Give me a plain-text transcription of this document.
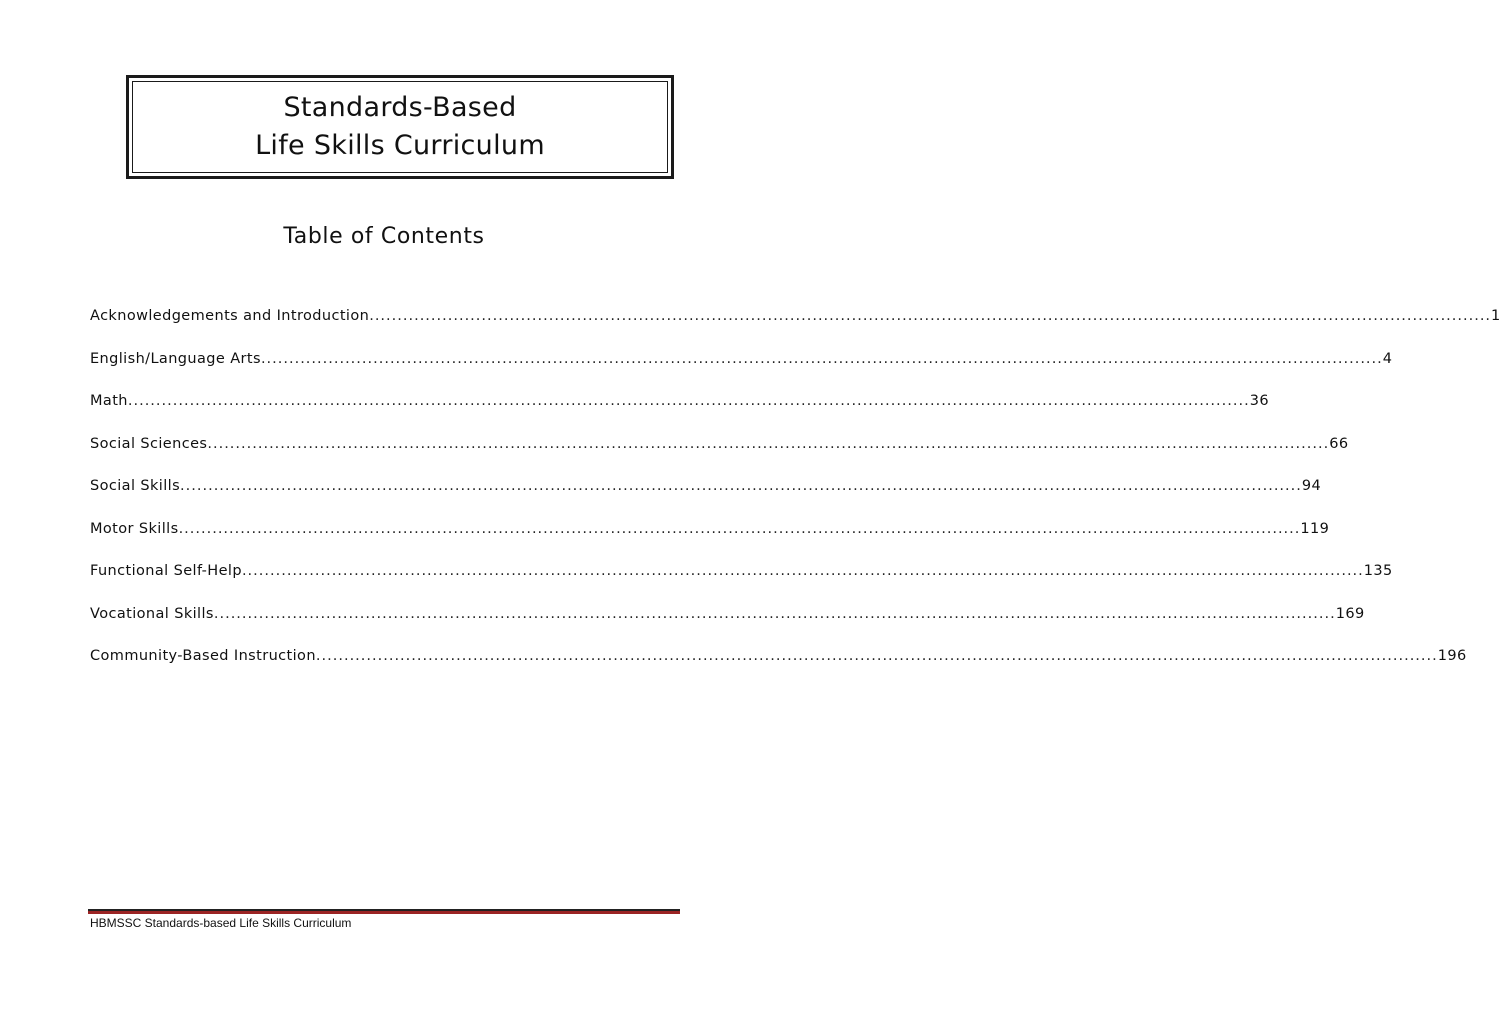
Standards-Based
Life Skills Curriculum
Table of Contents
Acknowledgements and Introduction ........................................................................................................................................................................................................ 1
English/Language Arts ........................................................................................................................................................................................................ 4
Math ........................................................................................................................................................................................................ 36
Social Sciences ........................................................................................................................................................................................................ 66
Social Skills ........................................................................................................................................................................................................ 94
Motor Skills ........................................................................................................................................................................................................ 119
Functional Self-Help ........................................................................................................................................................................................................ 135
Vocational Skills ........................................................................................................................................................................................................ 169
Community-Based Instruction ........................................................................................................................................................................................................ 196
HBMSSC Standards-based Life Skills Curriculum
